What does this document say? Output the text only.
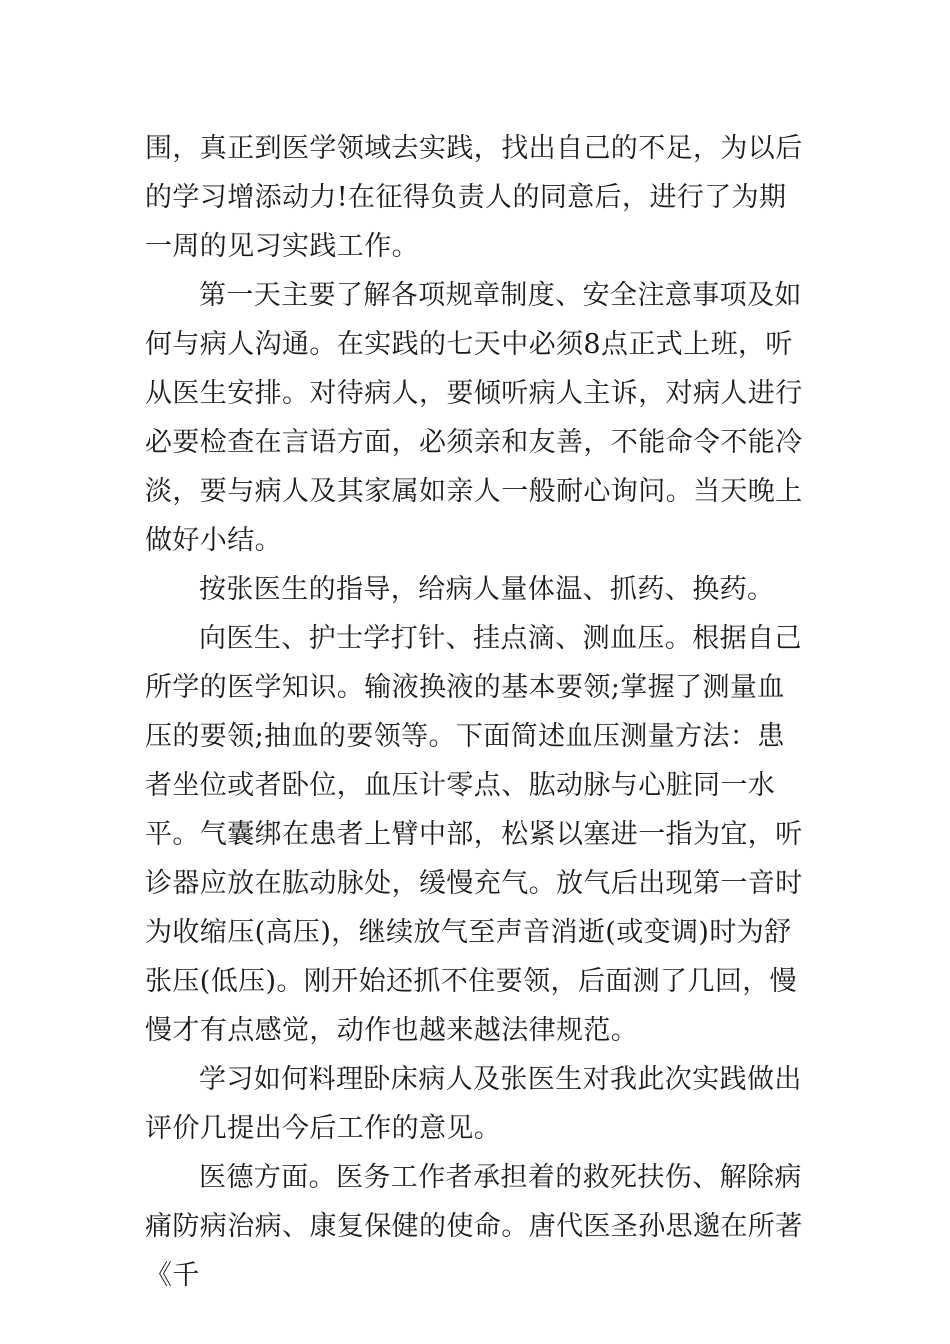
围，真正到医学领域去实践，找出自己的不足，为以后的学习增添动力!在征得负责人的同意后，进行了为期一周的见习实践工作。

第一天主要了解各项规章制度、安全注意事项及如何与病人沟通。在实践的七天中必须8点正式上班，听从医生安排。对待病人，要倾听病人主诉，对病人进行必要检查在言语方面，必须亲和友善，不能命令不能冷淡，要与病人及其家属如亲人一般耐心询问。当天晚上做好小结。

按张医生的指导，给病人量体温、抓药、换药。

向医生、护士学打针、挂点滴、测血压。根据自己所学的医学知识。输液换液的基本要领;掌握了测量血压的要领;抽血的要领等。下面简述血压测量方法：患者坐位或者卧位，血压计零点、肱动脉与心脏同一水平。气囊绑在患者上臂中部，松紧以塞进一指为宜，听诊器应放在肱动脉处，缓慢充气。放气后出现第一音时为收缩压(高压)，继续放气至声音消逝(或变调)时为舒张压(低压)。刚开始还抓不住要领，后面测了几回，慢慢才有点感觉，动作也越来越法律规范。

学习如何料理卧床病人及张医生对我此次实践做出评价几提出今后工作的意见。

医德方面。医务工作者承担着的救死扶伤、解除病痛防病治病、康复保健的使命。唐代医圣孙思邈在所著《千
